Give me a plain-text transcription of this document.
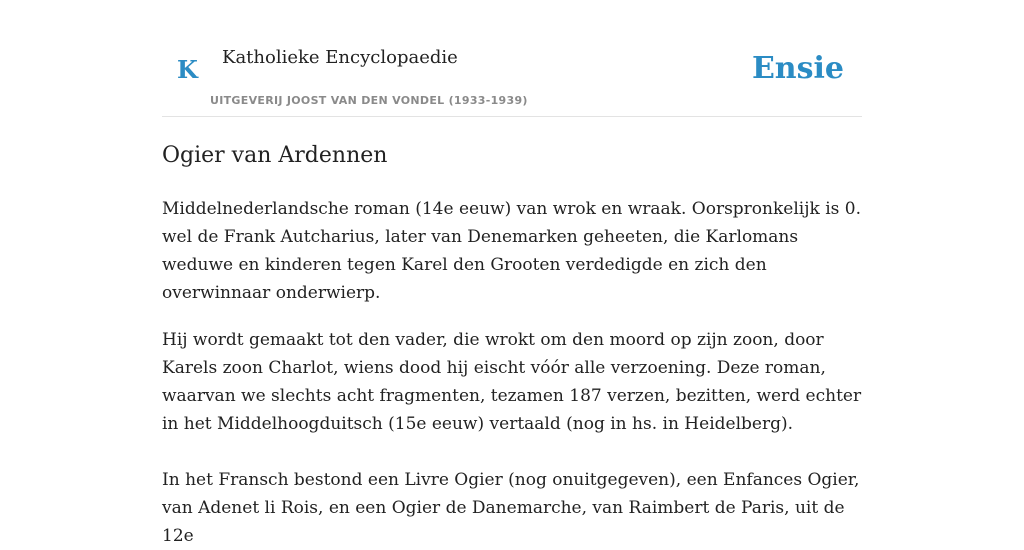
K Katholieke Encyclopaedie
UITGEVERIJ JOOST VAN DEN VONDEL (1933-1939)
Ensie
Ogier van Ardennen

Middelnederlandsche roman (14e eeuw) van wrok en wraak. Oorspronkelijk is 0. wel de Frank Autcharius, later van Denemarken geheeten, die Karlomans weduwe en kinderen tegen Karel den Grooten verdedigde en zich den overwinnaar onderwierp.

Hij wordt gemaakt tot den vader, die wrokt om den moord op zijn zoon, door Karels zoon Charlot, wiens dood hij eischt vóór alle verzoening. Deze roman, waarvan we slechts acht fragmenten, tezamen 187 verzen, bezitten, werd echter in het Middelhoogduitsch (15e eeuw) vertaald (nog in hs. in Heidelberg).

In het Fransch bestond een Livre Ogier (nog onuitgegeven), een Enfances Ogier, van Adenet li Rois, en een Ogier de Danemarche, van Raimbert de Paris, uit de 12e
